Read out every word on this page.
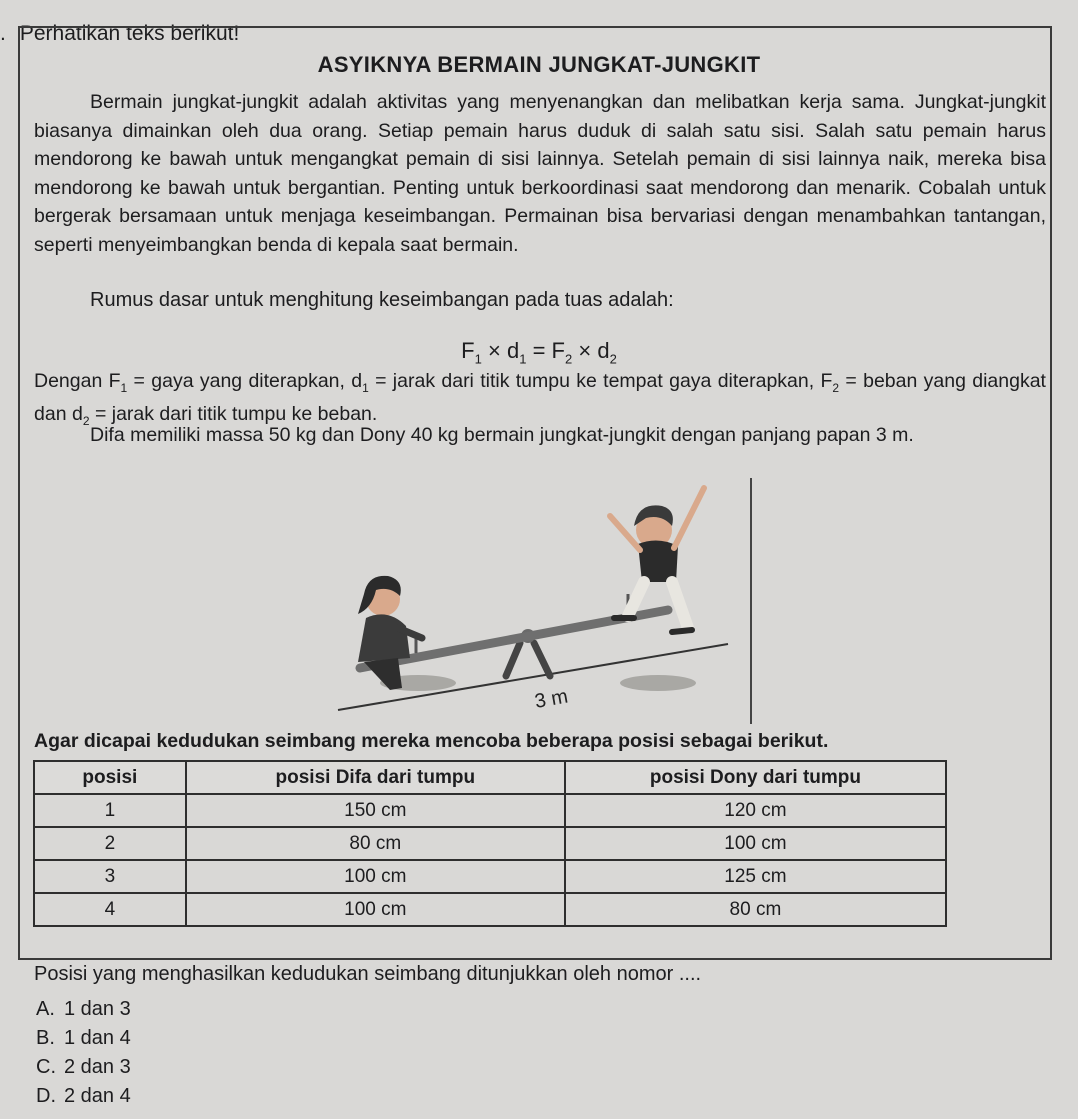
. Perhatikan teks berikut!
ASYIKNYA BERMAIN JUNGKAT-JUNGKIT
Bermain jungkat-jungkit adalah aktivitas yang menyenangkan dan melibatkan kerja sama. Jungkat-jungkit biasanya dimainkan oleh dua orang. Setiap pemain harus duduk di salah satu sisi. Salah satu pemain harus mendorong ke bawah untuk mengangkat pemain di sisi lainnya. Setelah pemain di sisi lainnya naik, mereka bisa mendorong ke bawah untuk bergantian. Penting untuk berkoordinasi saat mendorong dan menarik. Cobalah untuk bergerak bersamaan untuk menjaga keseimbangan. Permainan bisa bervariasi dengan menambahkan tantangan, seperti menyeimbangkan benda di kepala saat bermain.
Rumus dasar untuk menghitung keseimbangan pada tuas adalah:
$F_1 \times d_1 = F_2 \times d_2$
Dengan $F_1$ = gaya yang diterapkan, $d_1$ = jarak dari titik tumpu ke tempat gaya diterapkan, $F_2$ = beban yang diangkat dan $d_2$ = jarak dari titik tumpu ke beban.
Difa memiliki massa 50 kg dan Dony 40 kg bermain jungkat-jungkit dengan panjang papan 3 m.
3 m
Agar dicapai kedudukan seimbang mereka mencoba beberapa posisi sebagai berikut.
posisi	posisi Difa dari tumpu	posisi Dony dari tumpu
1	150 cm	120 cm
2	80 cm	100 cm
3	100 cm	125 cm
4	100 cm	80 cm
Posisi yang menghasilkan kedudukan seimbang ditunjukkan oleh nomor ....
A. 1 dan 3
B. 1 dan 4
C. 2 dan 3
D. 2 dan 4
